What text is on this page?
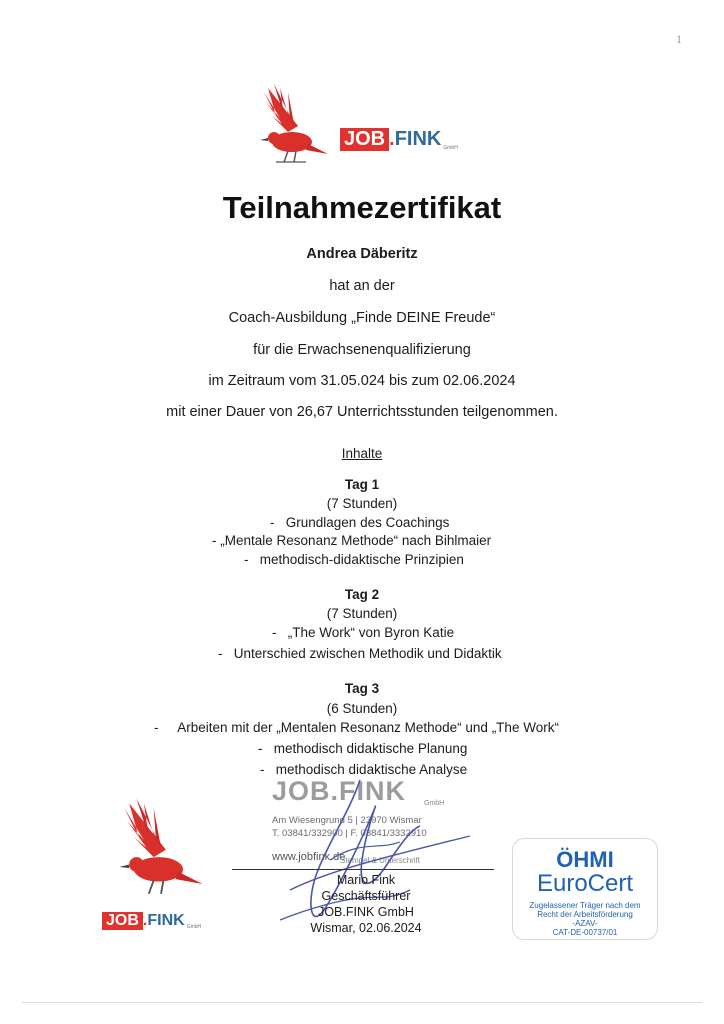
1
JOB . FINK GmbH
Teilnahmezertifikat
Andrea Däberitz
hat an der
Coach-Ausbildung „Finde DEINE Freude“
für die Erwachsenenqualifizierung
im Zeitraum vom 31.05.024 bis zum 02.06.2024
mit einer Dauer von 26,67 Unterrichtsstunden teilgenommen.
Inhalte
Tag 1
(7 Stunden)
- Grundlagen des Coachings
- „Mentale Resonanz Methode“ nach Bihlmaier
- methodisch-didaktische Prinzipien
Tag 2
(7 Stunden)
- „The Work“ von Byron Katie
- Unterschied zwischen Methodik und Didaktik
Tag 3
(6 Stunden)
- Arbeiten mit der „Mentalen Resonanz Methode“ und „The Work“
- methodisch didaktische Planung
- methodisch didaktische Analyse
JOB.FINK	GmbH
Am Wiesengrund 5 | 23970 Wismar
T. 03841/332900 | F. 03841/3332910
www.jobfink.de
Stempel & Unterschrift
Mario Fink
Geschäftsführer
JOB.FINK GmbH
Wismar, 02.06.2024
JOB . FINK GmbH
ÖHMI
EuroCert
Zugelassener Träger nach dem
Recht der Arbeitsförderung
-AZAV-
CAT-DE-00737/01
